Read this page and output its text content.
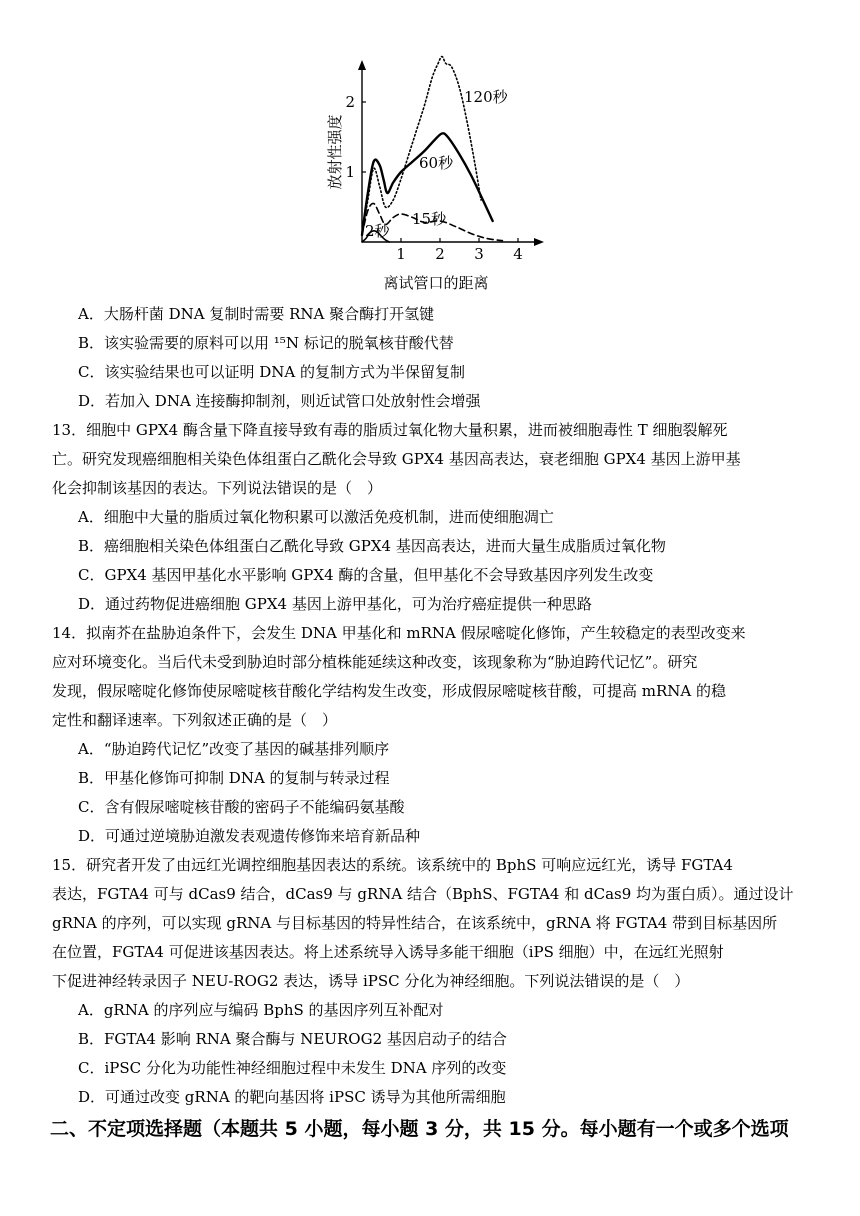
1 2 3 4
1
2
离试管口的距离
放射性强度
120秒
60秒
15秒
2秒
A．大肠杆菌 DNA 复制时需要 RNA 聚合酶打开氢键
B．该实验需要的原料可以用 ¹⁵N 标记的脱氧核苷酸代替
C．该实验结果也可以证明 DNA 的复制方式为半保留复制
D．若加入 DNA 连接酶抑制剂，则近试管口处放射性会增强
13．细胞中 GPX4 酶含量下降直接导致有毒的脂质过氧化物大量积累，进而被细胞毒性 T 细胞裂解死
亡。研究发现癌细胞相关染色体组蛋白乙酰化会导致 GPX4 基因高表达，衰老细胞 GPX4 基因上游甲基
化会抑制该基因的表达。下列说法错误的是（　）
A．细胞中大量的脂质过氧化物积累可以激活免疫机制，进而使细胞凋亡
B．癌细胞相关染色体组蛋白乙酰化导致 GPX4 基因高表达，进而大量生成脂质过氧化物
C．GPX4 基因甲基化水平影响 GPX4 酶的含量，但甲基化不会导致基因序列发生改变
D．通过药物促进癌细胞 GPX4 基因上游甲基化，可为治疗癌症提供一种思路
14．拟南芥在盐胁迫条件下，会发生 DNA 甲基化和 mRNA 假尿嘧啶化修饰，产生较稳定的表型改变来
应对环境变化。当后代未受到胁迫时部分植株能延续这种改变，该现象称为“胁迫跨代记忆”。研究
发现，假尿嘧啶化修饰使尿嘧啶核苷酸化学结构发生改变，形成假尿嘧啶核苷酸，可提高 mRNA 的稳
定性和翻译速率。下列叙述正确的是（　）
A．“胁迫跨代记忆”改变了基因的碱基排列顺序
B．甲基化修饰可抑制 DNA 的复制与转录过程
C．含有假尿嘧啶核苷酸的密码子不能编码氨基酸
D．可通过逆境胁迫激发表观遗传修饰来培育新品种
15．研究者开发了由远红光调控细胞基因表达的系统。该系统中的 BphS 可响应远红光，诱导 FGTA4
表达，FGTA4 可与 dCas9 结合，dCas9 与 gRNA 结合（BphS、FGTA4 和 dCas9 均为蛋白质）。通过设计
gRNA 的序列，可以实现 gRNA 与目标基因的特异性结合，在该系统中，gRNA 将 FGTA4 带到目标基因所
在位置，FGTA4 可促进该基因表达。将上述系统导入诱导多能干细胞（iPS 细胞）中，在远红光照射
下促进神经转录因子 NEU-ROG2 表达，诱导 iPSC 分化为神经细胞。下列说法错误的是（　）
A．gRNA 的序列应与编码 BphS 的基因序列互补配对
B．FGTA4 影响 RNA 聚合酶与 NEUROG2 基因启动子的结合
C．iPSC 分化为功能性神经细胞过程中未发生 DNA 序列的改变
D．可通过改变 gRNA 的靶向基因将 iPSC 诱导为其他所需细胞
二、不定项选择题（本题共 5 小题，每小题 3 分，共 15 分。每小题有一个或多个选项
